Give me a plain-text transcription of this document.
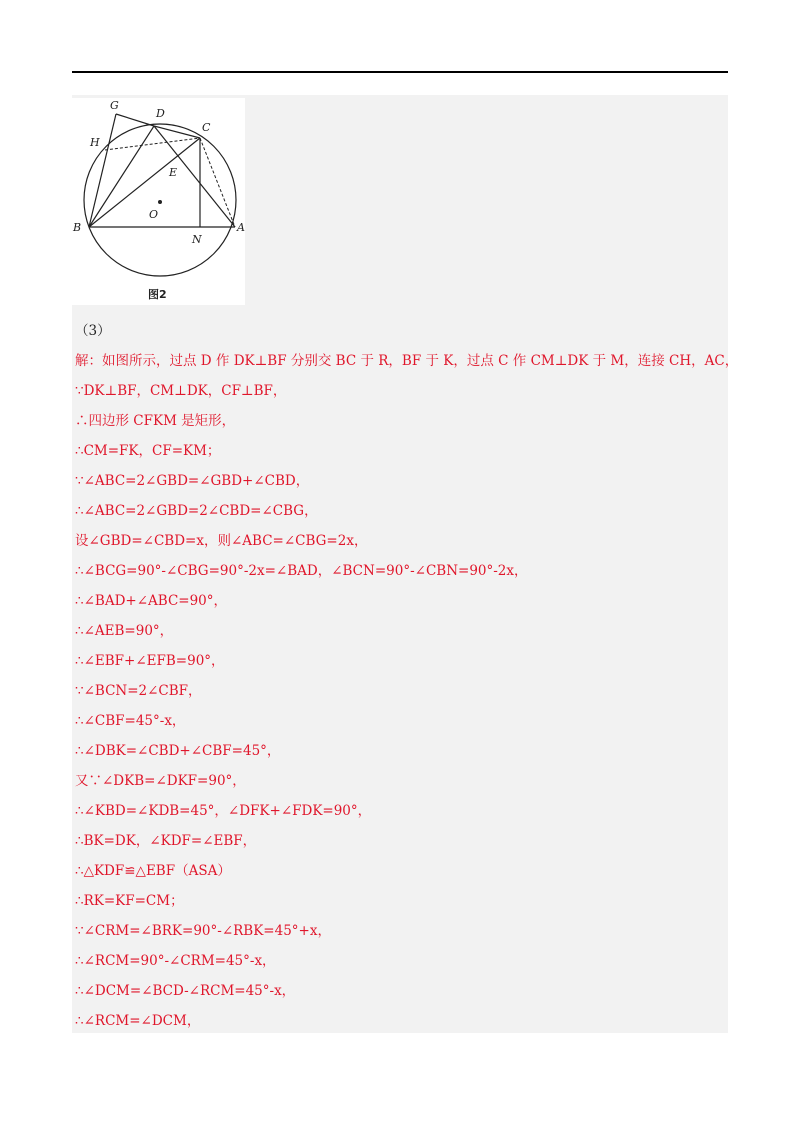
G
D
C
H
E
O
B
N
A
图2
（3）
解：如图所示，过点 D 作 DK⊥BF 分别交 BC 于 R，BF 于 K，过点 C 作 CM⊥DK 于 M，连接 CH，AC，
∵DK⊥BF，CM⊥DK，CF⊥BF，
∴四边形 CFKM 是矩形，
∴CM=FK，CF=KM；
∵∠ABC=2∠GBD=∠GBD+∠CBD，
∴∠ABC=2∠GBD=2∠CBD=∠CBG，
设∠GBD=∠CBD=x，则∠ABC=∠CBG=2x，
∴∠BCG=90°-∠CBG=90°-2x=∠BAD，∠BCN=90°-∠CBN=90°-2x，
∴∠BAD+∠ABC=90°，
∴∠AEB=90°，
∴∠EBF+∠EFB=90°，
∵∠BCN=2∠CBF，
∴∠CBF=45°-x，
∴∠DBK=∠CBD+∠CBF=45°，
又∵∠DKB=∠DKF=90°，
∴∠KBD=∠KDB=45°，∠DFK+∠FDK=90°，
∴BK=DK，∠KDF=∠EBF，
∴△KDF≌△EBF（ASA）
∴RK=KF=CM；
∵∠CRM=∠BRK=90°-∠RBK=45°+x，
∴∠RCM=90°-∠CRM=45°-x，
∴∠DCM=∠BCD-∠RCM=45°-x，
∴∠RCM=∠DCM，
